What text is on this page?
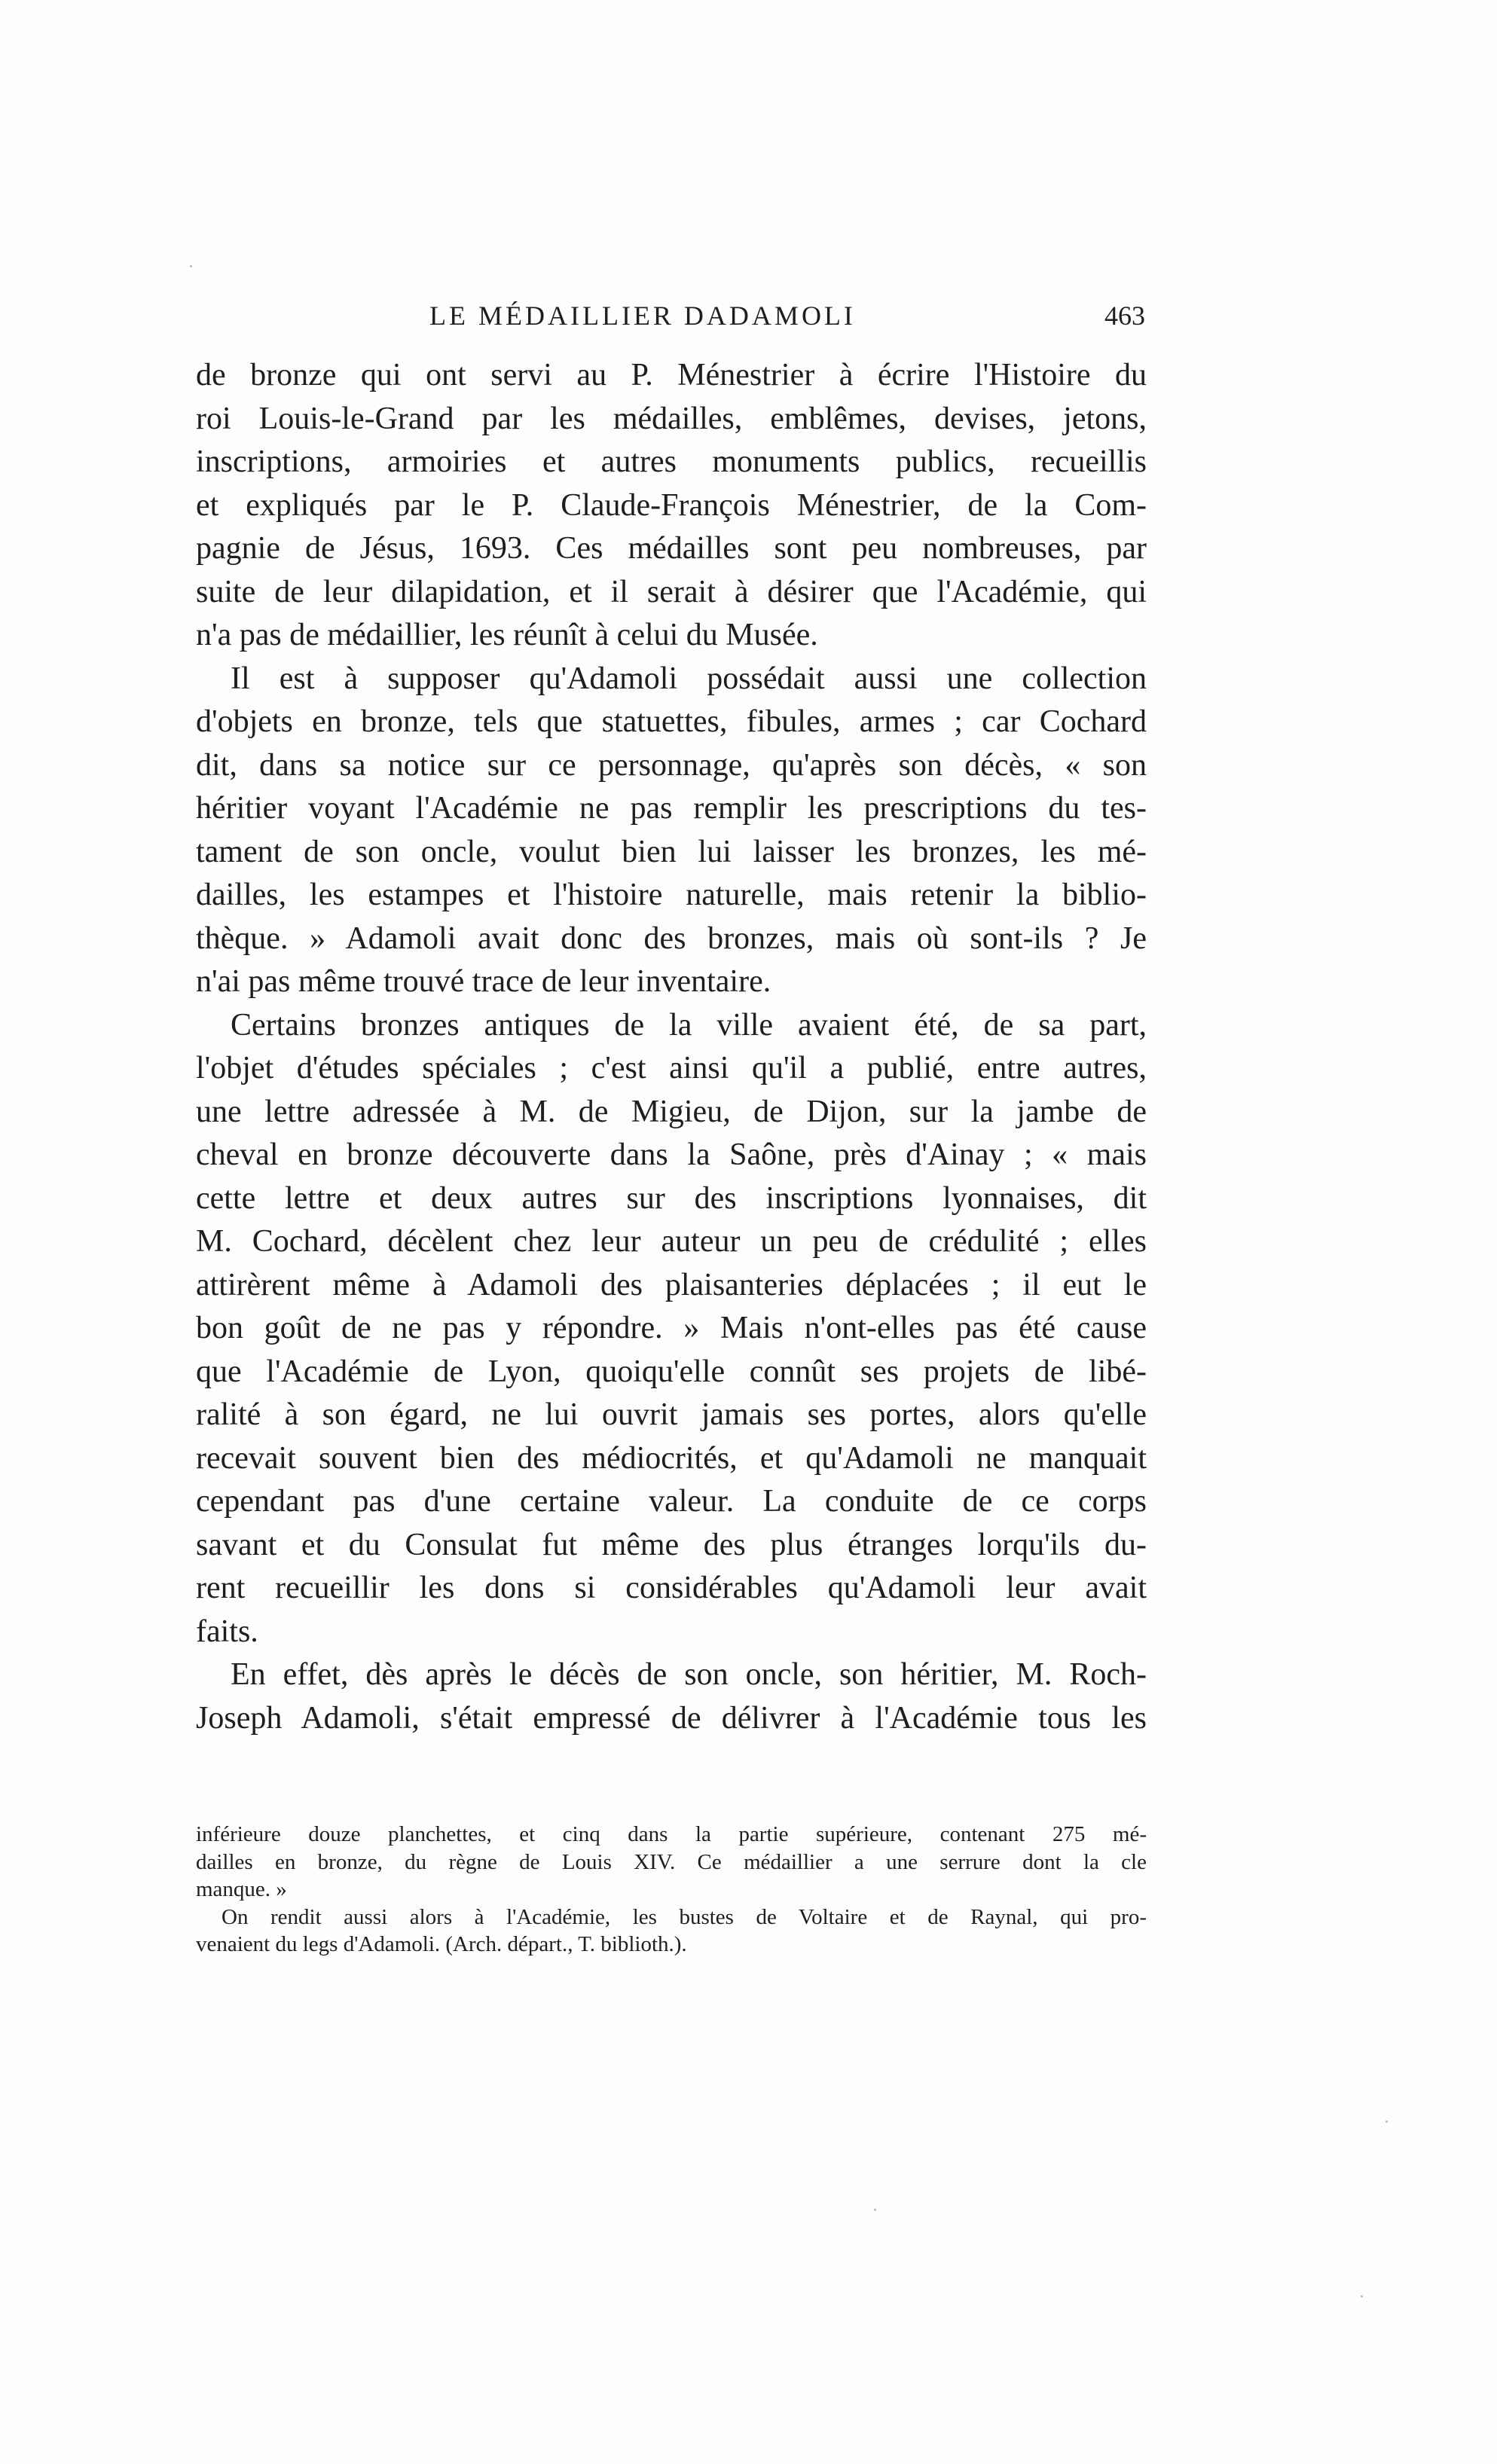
LE MÉDAILLIER DADAMOLI	463
de bronze qui ont servi au P. Ménestrier à écrire l'Histoire du
roi Louis-le-Grand par les médailles, emblêmes, devises, jetons,
inscriptions, armoiries et autres monuments publics, recueillis
et expliqués par le P. Claude-François Ménestrier, de la Com-
pagnie de Jésus, 1693. Ces médailles sont peu nombreuses, par
suite de leur dilapidation, et il serait à désirer que l'Académie, qui
n'a pas de médaillier, les réunît à celui du Musée.
Il est à supposer qu'Adamoli possédait aussi une collection
d'objets en bronze, tels que statuettes, fibules, armes ; car Cochard
dit, dans sa notice sur ce personnage, qu'après son décès, « son
héritier voyant l'Académie ne pas remplir les prescriptions du tes-
tament de son oncle, voulut bien lui laisser les bronzes, les mé-
dailles, les estampes et l'histoire naturelle, mais retenir la biblio-
thèque. » Adamoli avait donc des bronzes, mais où sont-ils ? Je
n'ai pas même trouvé trace de leur inventaire.
Certains bronzes antiques de la ville avaient été, de sa part,
l'objet d'études spéciales ; c'est ainsi qu'il a publié, entre autres,
une lettre adressée à M. de Migieu, de Dijon, sur la jambe de
cheval en bronze découverte dans la Saône, près d'Ainay ; « mais
cette lettre et deux autres sur des inscriptions lyonnaises, dit
M. Cochard, décèlent chez leur auteur un peu de crédulité ; elles
attirèrent même à Adamoli des plaisanteries déplacées ; il eut le
bon goût de ne pas y répondre. » Mais n'ont-elles pas été cause
que l'Académie de Lyon, quoiqu'elle connût ses projets de libé-
ralité à son égard, ne lui ouvrit jamais ses portes, alors qu'elle
recevait souvent bien des médiocrités, et qu'Adamoli ne manquait
cependant pas d'une certaine valeur. La conduite de ce corps
savant et du Consulat fut même des plus étranges lorqu'ils du-
rent recueillir les dons si considérables qu'Adamoli leur avait
faits.
En effet, dès après le décès de son oncle, son héritier, M. Roch-
Joseph Adamoli, s'était empressé de délivrer à l'Académie tous les
inférieure douze planchettes, et cinq dans la partie supérieure, contenant 275 mé-
dailles en bronze, du règne de Louis XIV. Ce médaillier a une serrure dont la cle
manque. »
On rendit aussi alors à l'Académie, les bustes de Voltaire et de Raynal, qui pro-
venaient du legs d'Adamoli. (Arch. départ., T. biblioth.).
